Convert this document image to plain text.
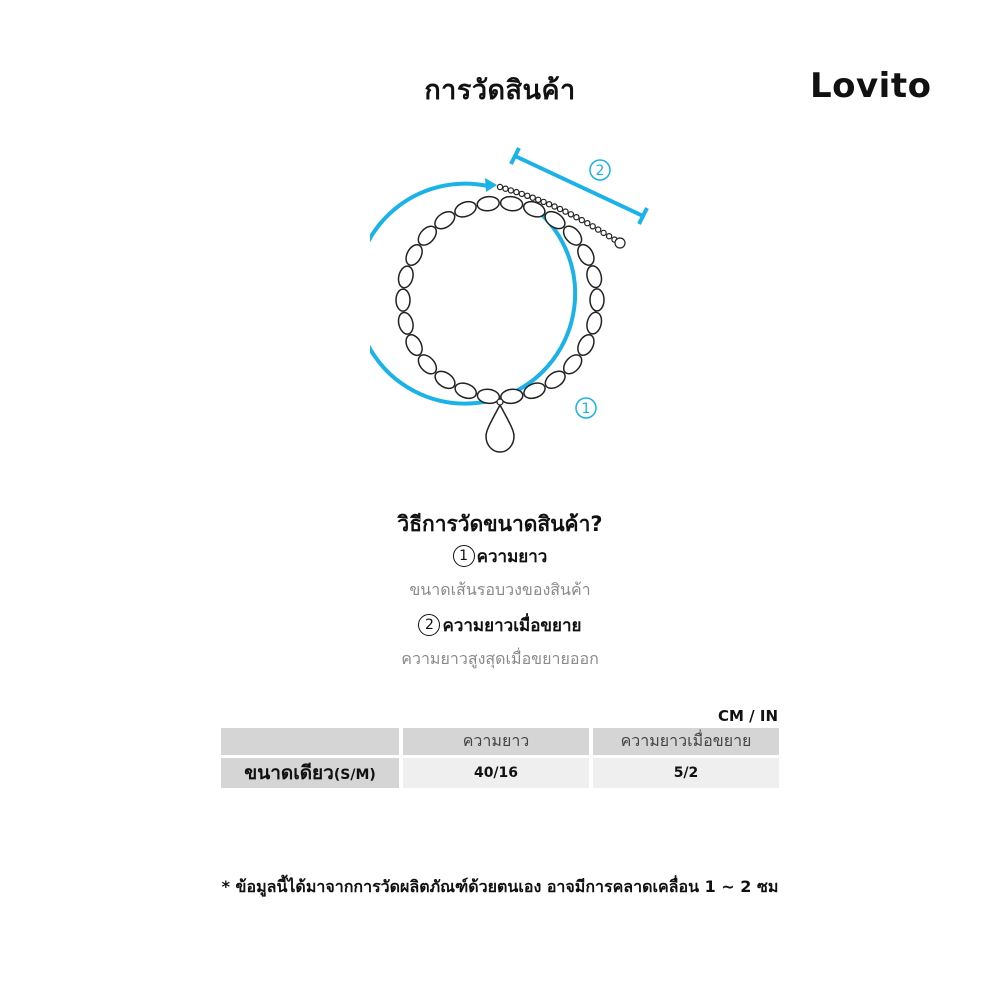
การวัดสินค้า	Lovito
2
1
วิธีการวัดขนาดสินค้า?
1 ความยาว
ขนาดเส้นรอบวงของสินค้า
2 ความยาวเมื่อขยาย
ความยาวสูงสุดเมื่อขยายออก
CM / IN
	ความยาว	ความยาวเมื่อขยาย
ขนาดเดียว(S/M)	40/16	5/2
* ข้อมูลนี้ได้มาจากการวัดผลิตภัณฑ์ด้วยตนเอง อาจมีการคลาดเคลื่อน 1 ~ 2 ซม
